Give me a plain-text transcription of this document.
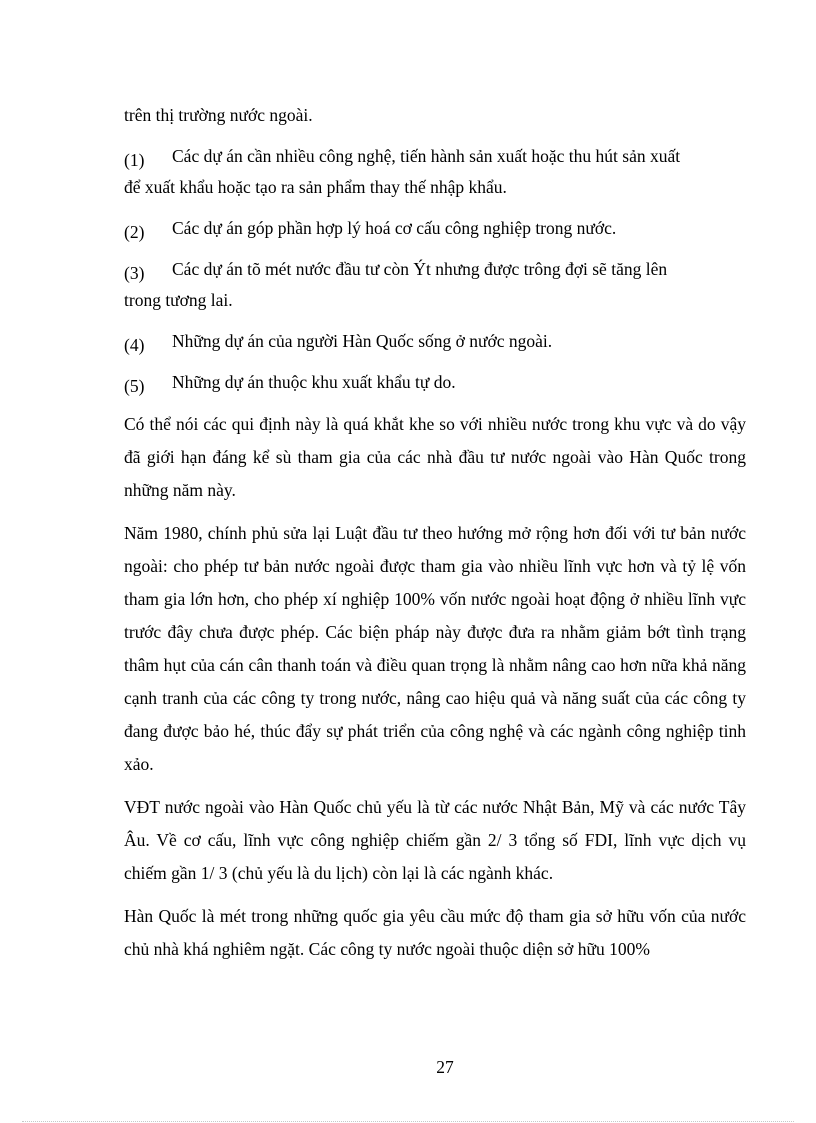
trên thị trường nước ngoài.

(1)	Các dự án cần nhiều công nghệ, tiến hành sản xuất hoặc thu hút sản xuất
để xuất khẩu hoặc tạo ra sản phẩm thay thế nhập khẩu.
(2)	Các dự án góp phần hợp lý hoá cơ cấu công nghiệp trong nước.
(3)	Các dự án tõ mét nước đầu tư còn Ýt nhưng được trông đợi sẽ tăng lên
trong tương lai.
(4)	Những dự án của người Hàn Quốc sống ở nước ngoài.
(5)	Những dự án thuộc khu xuất khẩu tự do.

Có thể nói các qui định này là quá khắt khe so với nhiều nước trong khu vực và do vậy đã giới hạn đáng kể sù tham gia của các nhà đầu tư nước ngoài vào Hàn Quốc trong những năm này.

Năm 1980, chính phủ sửa lại Luật đầu tư theo hướng mở rộng hơn đối với tư bản nước ngoài: cho phép tư bản nước ngoài được tham gia vào nhiều lĩnh vực hơn và tỷ lệ vốn tham gia lớn hơn, cho phép xí nghiệp 100% vốn nước ngoài hoạt động ở nhiều lĩnh vực trước đây chưa được phép. Các biện pháp này được đưa ra nhằm giảm bớt tình trạng thâm hụt của cán cân thanh toán và điều quan trọng là nhằm nâng cao hơn nữa khả năng cạnh tranh của các công ty trong nước, nâng cao hiệu quả và năng suất của các công ty đang được bảo hé, thúc đẩy sự phát triển của công nghệ và các ngành công nghiệp tinh xảo.

VĐT nước ngoài vào Hàn Quốc chủ yếu là từ các nước Nhật Bản, Mỹ và các nước Tây Âu. Về cơ cấu, lĩnh vực công nghiệp chiếm gần 2/ 3 tổng số FDI, lĩnh vực dịch vụ chiếm gần 1/ 3 (chủ yếu là du lịch) còn lại là các ngành khác.

Hàn Quốc là mét trong những quốc gia yêu cầu mức độ tham gia sở hữu vốn của nước chủ nhà khá nghiêm ngặt. Các công ty nước ngoài thuộc diện sở hữu 100%

27
